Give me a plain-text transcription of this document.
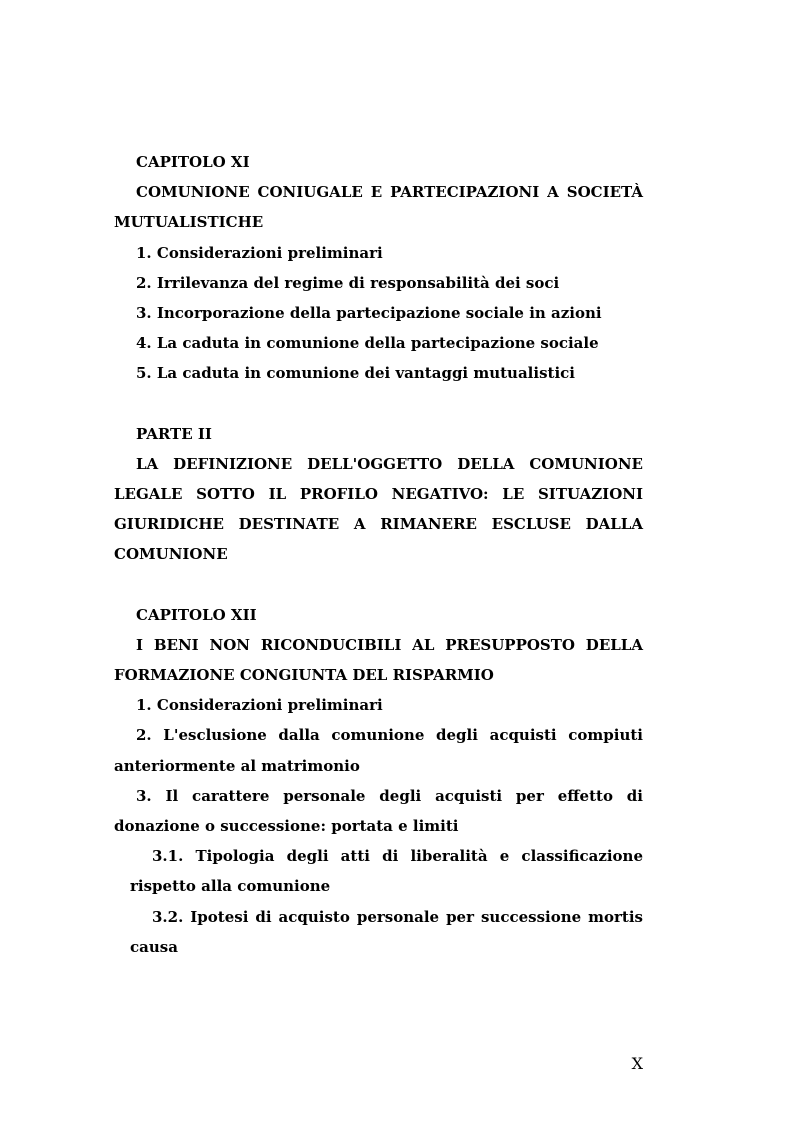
CAPITOLO XI
COMUNIONE CONIUGALE E PARTECIPAZIONI A SOCIETÀ MUTUALISTICHE
1. Considerazioni preliminari
2. Irrilevanza del regime di responsabilità dei soci
3. Incorporazione della partecipazione sociale in azioni
4. La caduta in comunione della partecipazione sociale
5. La caduta in comunione dei vantaggi mutualistici
PARTE II
LA DEFINIZIONE DELL'OGGETTO DELLA COMUNIONE LEGALE SOTTO IL PROFILO NEGATIVO: LE SITUAZIONI GIURIDICHE DESTINATE A RIMANERE ESCLUSE DALLA COMUNIONE
CAPITOLO XII
I BENI NON RICONDUCIBILI AL PRESUPPOSTO DELLA FORMAZIONE CONGIUNTA DEL RISPARMIO
1. Considerazioni preliminari
2. L'esclusione dalla comunione degli acquisti compiuti anteriormente al matrimonio
3. Il carattere personale degli acquisti per effetto di donazione o successione: portata e limiti
3.1. Tipologia degli atti di liberalità e classificazione rispetto alla comunione
3.2. Ipotesi di acquisto personale per successione mortis causa
X
